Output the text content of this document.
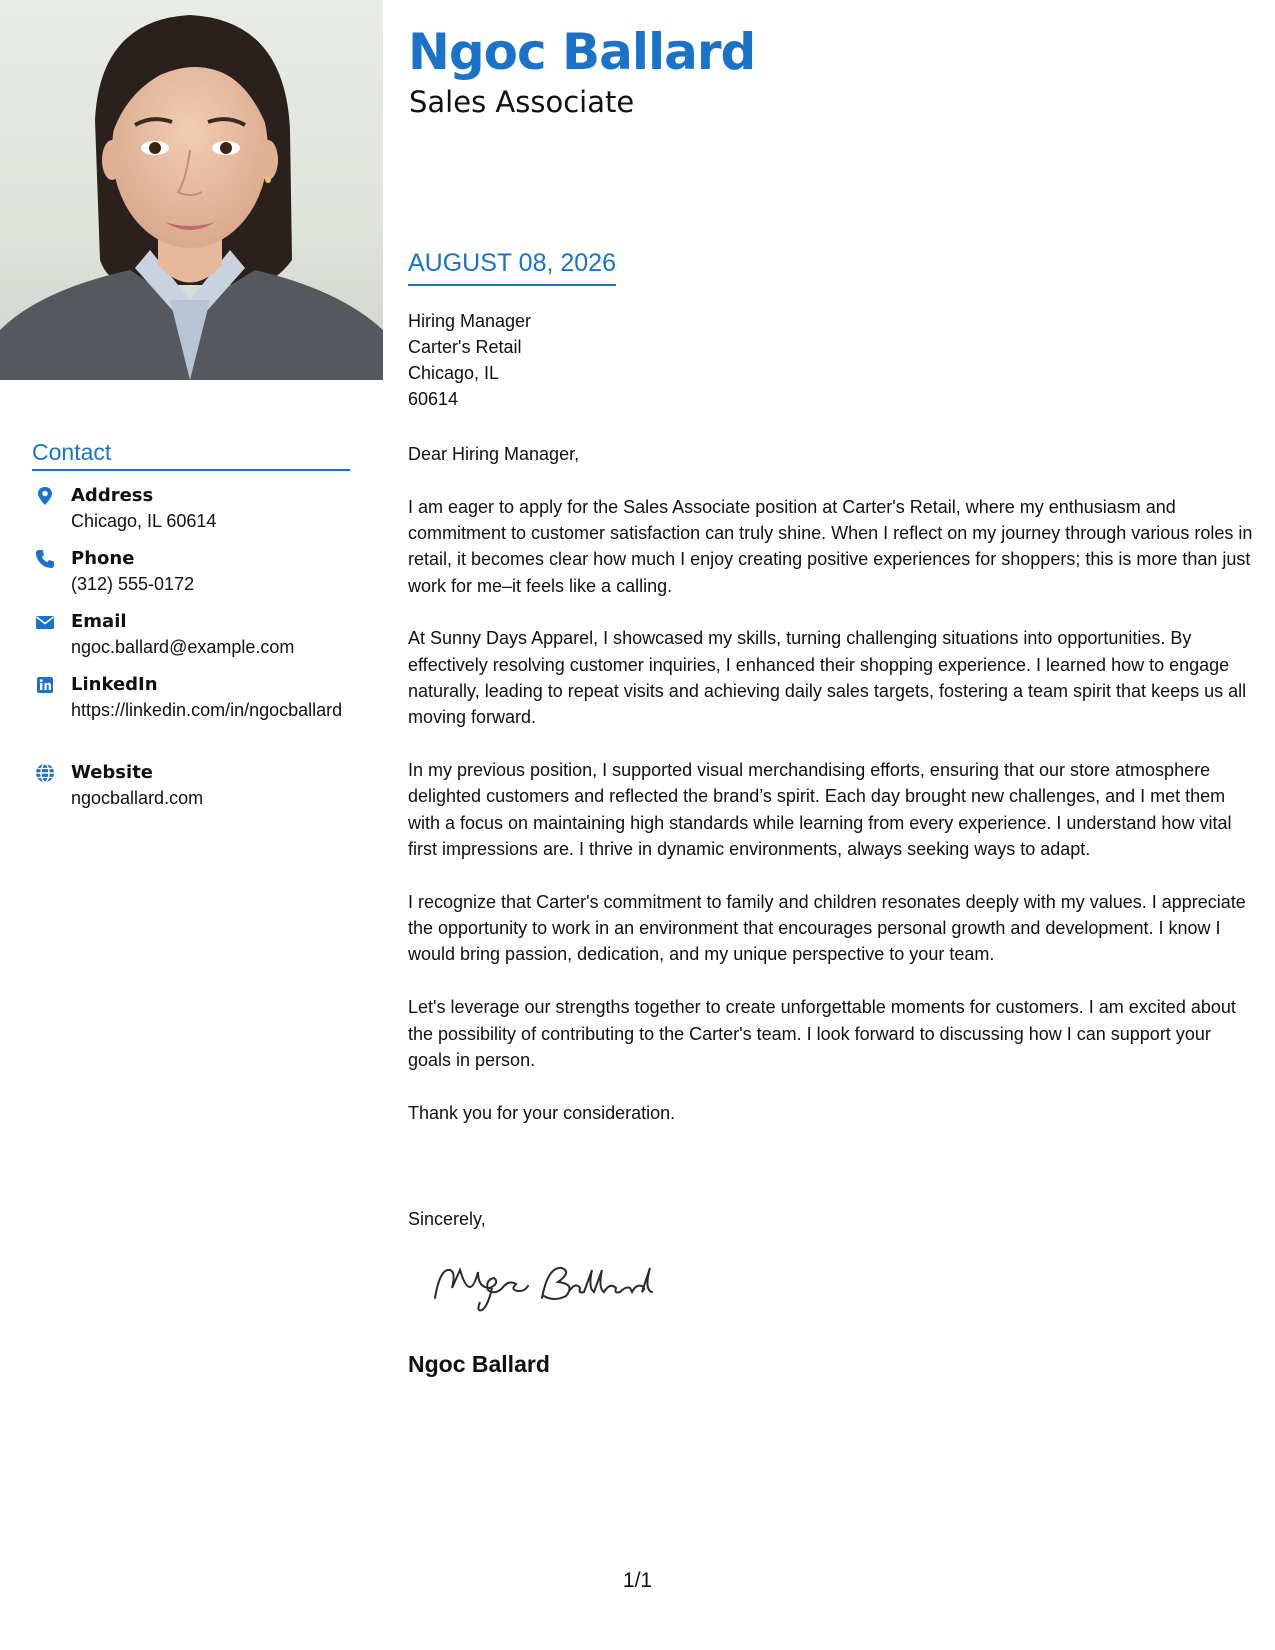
Ngoc Ballard
Sales Associate
AUGUST 08, 2026
Hiring Manager
Carter's Retail
Chicago, IL
60614

Dear Hiring Manager,

I am eager to apply for the Sales Associate position at Carter's Retail, where my enthusiasm and commitment to customer satisfaction can truly shine. When I reflect on my journey through various roles in retail, it becomes clear how much I enjoy creating positive experiences for shoppers; this is more than just work for me–it feels like a calling.

At Sunny Days Apparel, I showcased my skills, turning challenging situations into opportunities. By effectively resolving customer inquiries, I enhanced their shopping experience. I learned how to engage naturally, leading to repeat visits and achieving daily sales targets, fostering a team spirit that keeps us all moving forward.

In my previous position, I supported visual merchandising efforts, ensuring that our store atmosphere delighted customers and reflected the brand’s spirit. Each day brought new challenges, and I met them with a focus on maintaining high standards while learning from every experience. I understand how vital first impressions are. I thrive in dynamic environments, always seeking ways to adapt.

I recognize that Carter's commitment to family and children resonates deeply with my values. I appreciate the opportunity to work in an environment that encourages personal growth and development. I know I would bring passion, dedication, and my unique perspective to your team.

Let's leverage our strengths together to create unforgettable moments for customers. I am excited about the possibility of contributing to the Carter's team. I look forward to discussing how I can support your goals in person.

Thank you for your consideration.

Sincerely,
Ngoc Ballard
Contact
Address
Chicago, IL 60614
Phone
(312) 555-0172
Email
ngoc.ballard@example.com
LinkedIn
https://linkedin.com/in/ngocballard
Website
ngocballard.com
1/1
